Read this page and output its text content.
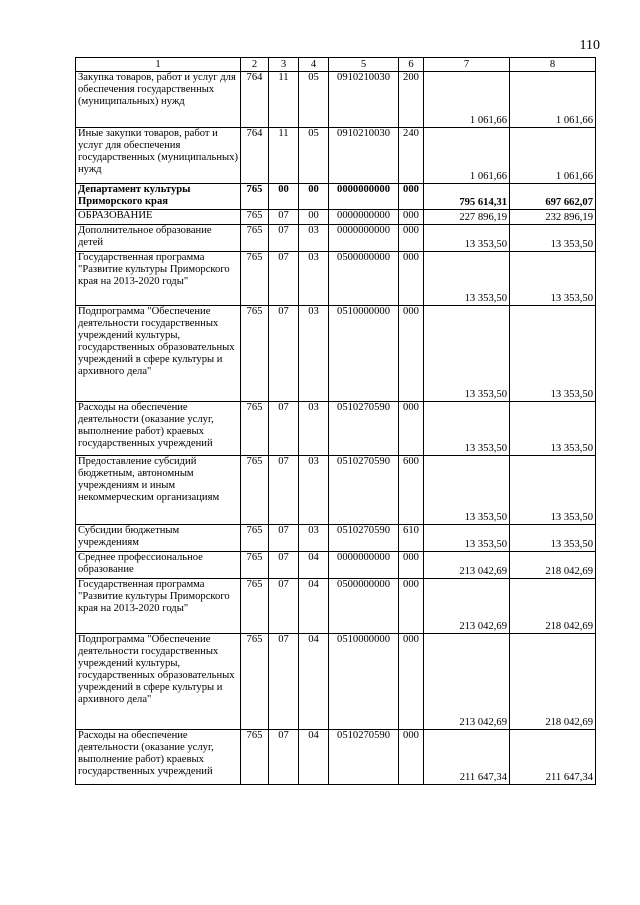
110
1	2	3	4	5	6	7	8
Закупка товаров, работ и услуг для обеспечения государственных (муниципальных) нужд	764	11	05	0910210030	200	1 061,66	1 061,66
Иные закупки товаров, работ и услуг для обеспечения государственных (муниципальных) нужд	764	11	05	0910210030	240	1 061,66	1 061,66
Департамент культуры Приморского края	765	00	00	0000000000	000	795 614,31	697 662,07
ОБРАЗОВАНИЕ	765	07	00	0000000000	000	227 896,19	232 896,19
Дополнительное образование детей	765	07	03	0000000000	000	13 353,50	13 353,50
Государственная программа "Развитие культуры Приморского края на 2013-2020 годы"	765	07	03	0500000000	000	13 353,50	13 353,50
Подпрограмма "Обеспечение деятельности государственных учреждений культуры, государственных образовательных учреждений в сфере культуры и архивного дела"	765	07	03	0510000000	000	13 353,50	13 353,50
Расходы на обеспечение деятельности (оказание услуг, выполнение работ) краевых государственных учреждений	765	07	03	0510270590	000	13 353,50	13 353,50
Предоставление субсидий бюджетным, автономным учреждениям и иным некоммерческим организациям	765	07	03	0510270590	600	13 353,50	13 353,50
Субсидии бюджетным учреждениям	765	07	03	0510270590	610	13 353,50	13 353,50
Среднее профессиональное образование	765	07	04	0000000000	000	213 042,69	218 042,69
Государственная программа "Развитие культуры Приморского края на 2013-2020 годы"	765	07	04	0500000000	000	213 042,69	218 042,69
Подпрограмма "Обеспечение деятельности государственных учреждений культуры, государственных образовательных учреждений в сфере культуры и архивного дела"	765	07	04	0510000000	000	213 042,69	218 042,69
Расходы на обеспечение деятельности (оказание услуг, выполнение работ) краевых государственных учреждений	765	07	04	0510270590	000	211 647,34	211 647,34
